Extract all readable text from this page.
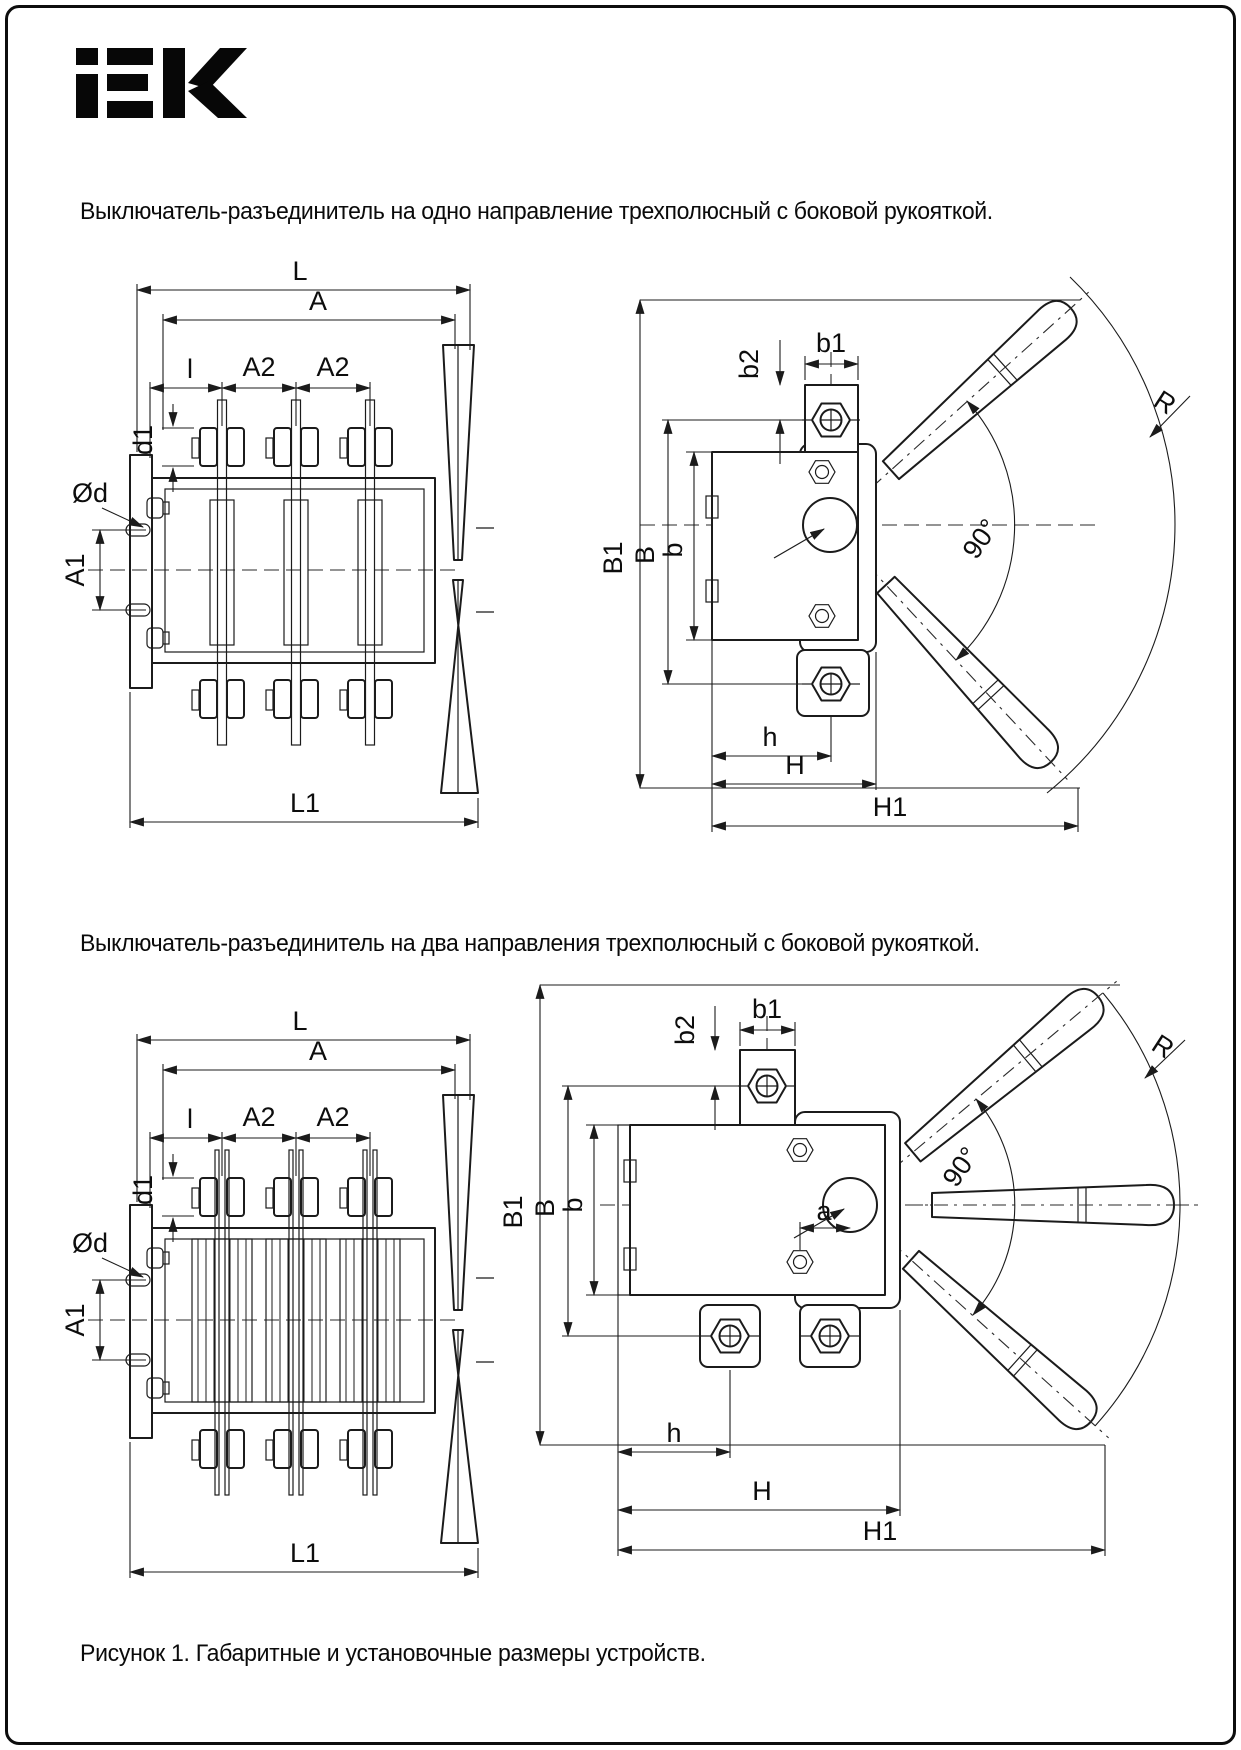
Выключатель-разъединитель на одно направление трехполюсный с боковой рукояткой.
Выключатель-разъединитель на два направления трехполюсный с боковой рукояткой.
Рисунок 1. Габаритные и установочные размеры устройств.
L
A
l A2 A2
d1
Ød
A1
L1
R
90°
b1
b2
B1 B
b
h
H
H1
L
A
l A2 A2
d1
Ød
A1
L1
R
90°
b1
b2
a
B1 B
b
h
H
H1
